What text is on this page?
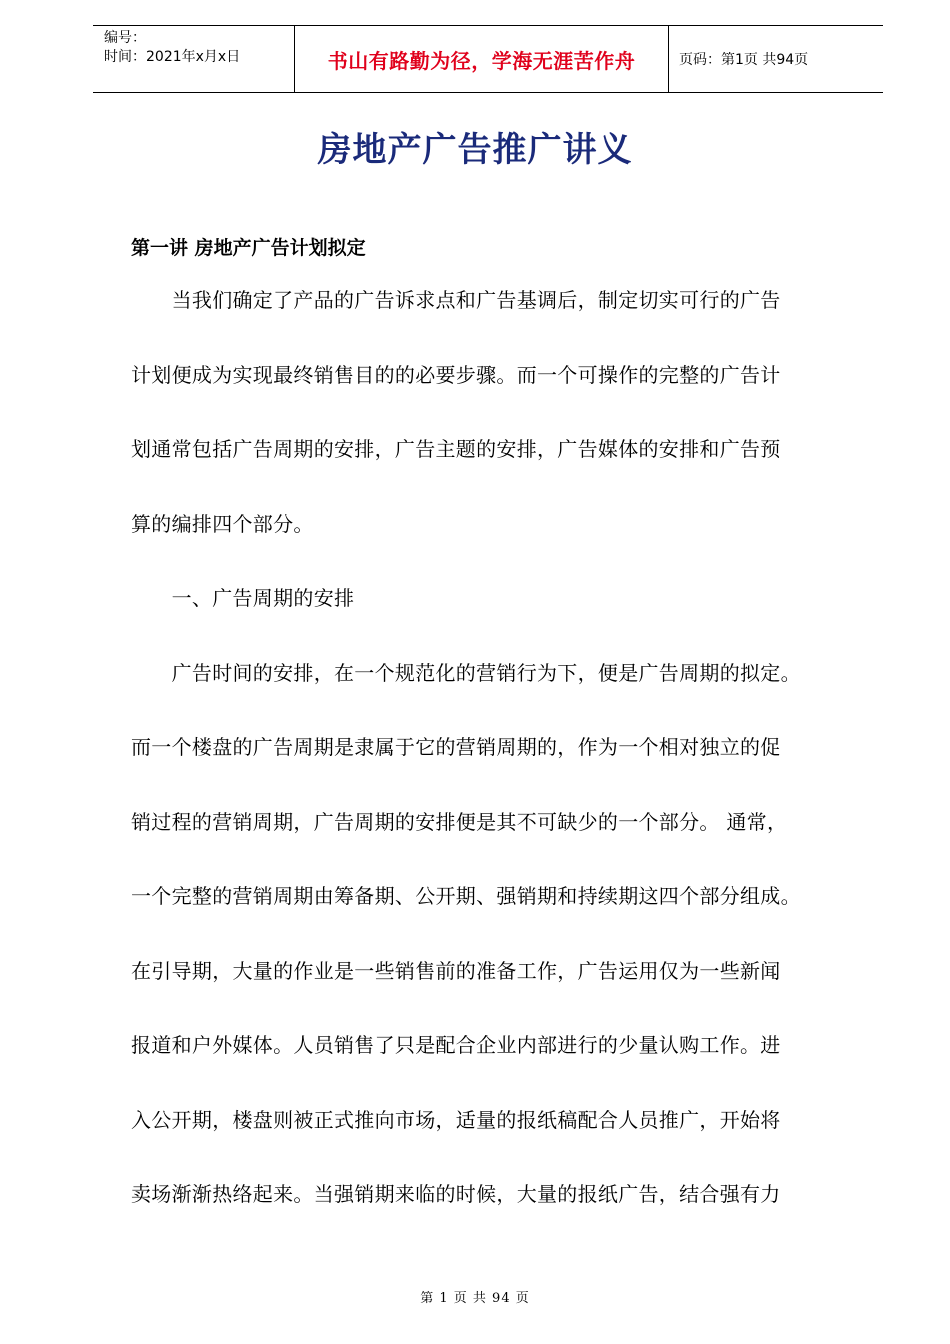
编号：
时间：2021年x月x日	书山有路勤为径，学海无涯苦作舟	页码：第1页 共94页
房地产广告推广讲义
第一讲 房地产广告计划拟定
　　当我们确定了产品的广告诉求点和广告基调后，制定切实可行的广告
计划便成为实现最终销售目的的必要步骤。而一个可操作的完整的广告计
划通常包括广告周期的安排，广告主题的安排，广告媒体的安排和广告预
算的编排四个部分。
　　一、广告周期的安排
　　广告时间的安排，在一个规范化的营销行为下，便是广告周期的拟定。
而一个楼盘的广告周期是隶属于它的营销周期的，作为一个相对独立的促
销过程的营销周期，广告周期的安排便是其不可缺少的一个部分。 通常，
一个完整的营销周期由筹备期、公开期、强销期和持续期这四个部分组成。
在引导期，大量的作业是一些销售前的准备工作，广告运用仅为一些新闻
报道和户外媒体。人员销售了只是配合企业内部进行的少量认购工作。进
入公开期，楼盘则被正式推向市场，适量的报纸稿配合人员推广，开始将
卖场渐渐热络起来。当强销期来临的时候，大量的报纸广告，结合强有力
第 1 页 共 94 页
